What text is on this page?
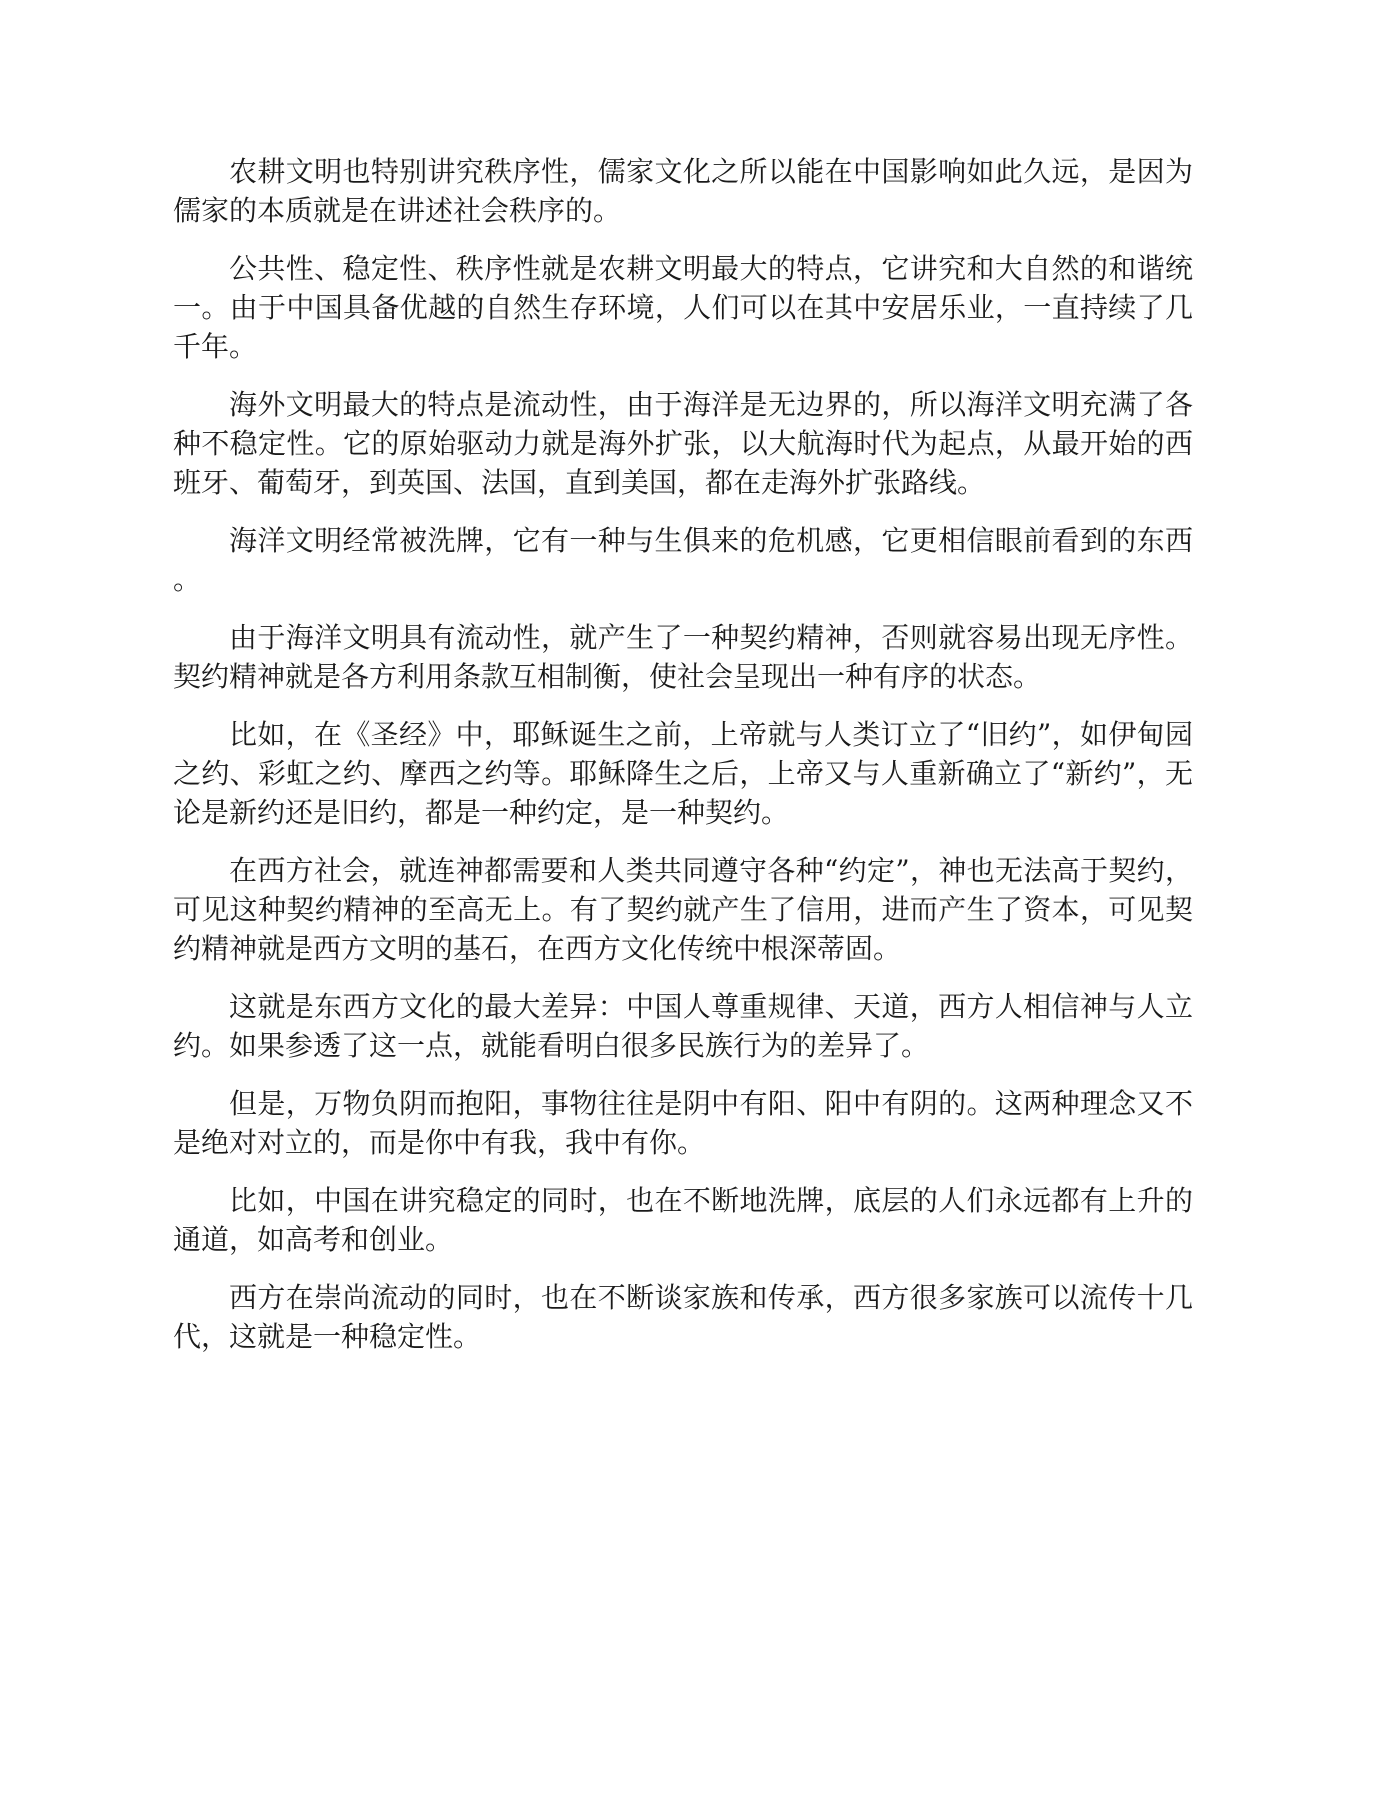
农耕文明也特别讲究秩序性，儒家文化之所以能在中国影响如此久远，是因为儒家的本质就是在讲述社会秩序的。

公共性、稳定性、秩序性就是农耕文明最大的特点，它讲究和大自然的和谐统一。由于中国具备优越的自然生存环境，人们可以在其中安居乐业，一直持续了几千年。

海外文明最大的特点是流动性，由于海洋是无边界的，所以海洋文明充满了各种不稳定性。它的原始驱动力就是海外扩张，以大航海时代为起点，从最开始的西班牙、葡萄牙，到英国、法国，直到美国，都在走海外扩张路线。

海洋文明经常被洗牌，它有一种与生俱来的危机感，它更相信眼前看到的东西。

由于海洋文明具有流动性，就产生了一种契约精神，否则就容易出现无序性。契约精神就是各方利用条款互相制衡，使社会呈现出一种有序的状态。

比如，在《圣经》中，耶稣诞生之前，上帝就与人类订立了“旧约”，如伊甸园之约、彩虹之约、摩西之约等。耶稣降生之后，上帝又与人重新确立了“新约”，无论是新约还是旧约，都是一种约定，是一种契约。

在西方社会，就连神都需要和人类共同遵守各种“约定”，神也无法高于契约，可见这种契约精神的至高无上。有了契约就产生了信用，进而产生了资本，可见契约精神就是西方文明的基石，在西方文化传统中根深蒂固。

这就是东西方文化的最大差异：中国人尊重规律、天道，西方人相信神与人立约。如果参透了这一点，就能看明白很多民族行为的差异了。

但是，万物负阴而抱阳，事物往往是阴中有阳、阳中有阴的。这两种理念又不是绝对对立的，而是你中有我，我中有你。

比如，中国在讲究稳定的同时，也在不断地洗牌，底层的人们永远都有上升的通道，如高考和创业。

西方在崇尚流动的同时，也在不断谈家族和传承，西方很多家族可以流传十几代，这就是一种稳定性。
